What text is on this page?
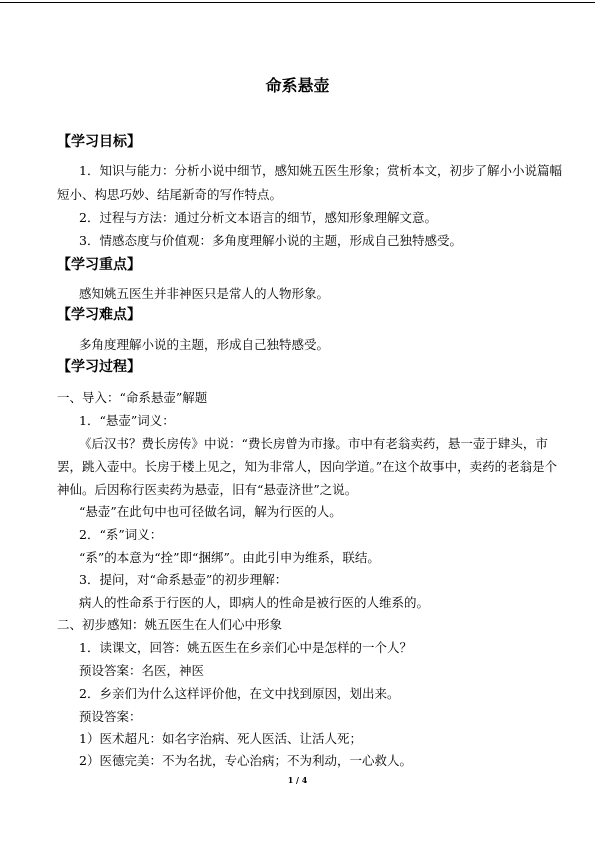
命系悬壶
【学习目标】
1．知识与能力：分析小说中细节，感知姚五医生形象；赏析本文，初步了解小小说篇幅
短小、构思巧妙、结尾新奇的写作特点。
2．过程与方法：通过分析文本语言的细节，感知形象理解文意。
3．情感态度与价值观：多角度理解小说的主题，形成自己独特感受。
【学习重点】
感知姚五医生并非神医只是常人的人物形象。
【学习难点】
多角度理解小说的主题，形成自己独特感受。
【学习过程】
一、导入：“命系悬壶”解题
1．“悬壶”词义：
《后汉书？费长房传》中说：“费长房曾为市掾。市中有老翁卖药，悬一壶于肆头，市
罢，跳入壶中。长房于楼上见之，知为非常人，因向学道。”在这个故事中，卖药的老翁是个
神仙。后因称行医卖药为悬壶，旧有“悬壶济世”之说。
“悬壶”在此句中也可径做名词，解为行医的人。
2．“系”词义：
“系”的本意为“拴”即“捆绑”。由此引申为维系，联结。
3．提问，对“命系悬壶”的初步理解：
病人的性命系于行医的人，即病人的性命是被行医的人维系的。
二、初步感知：姚五医生在人们心中形象
1．读课文，回答：姚五医生在乡亲们心中是怎样的一个人？
预设答案：名医，神医
2．乡亲们为什么这样评价他，在文中找到原因，划出来。
预设答案：
1）医术超凡：如名字治病、死人医活、让活人死；
2）医德完美：不为名扰，专心治病；不为利动，一心救人。
1 / 4
